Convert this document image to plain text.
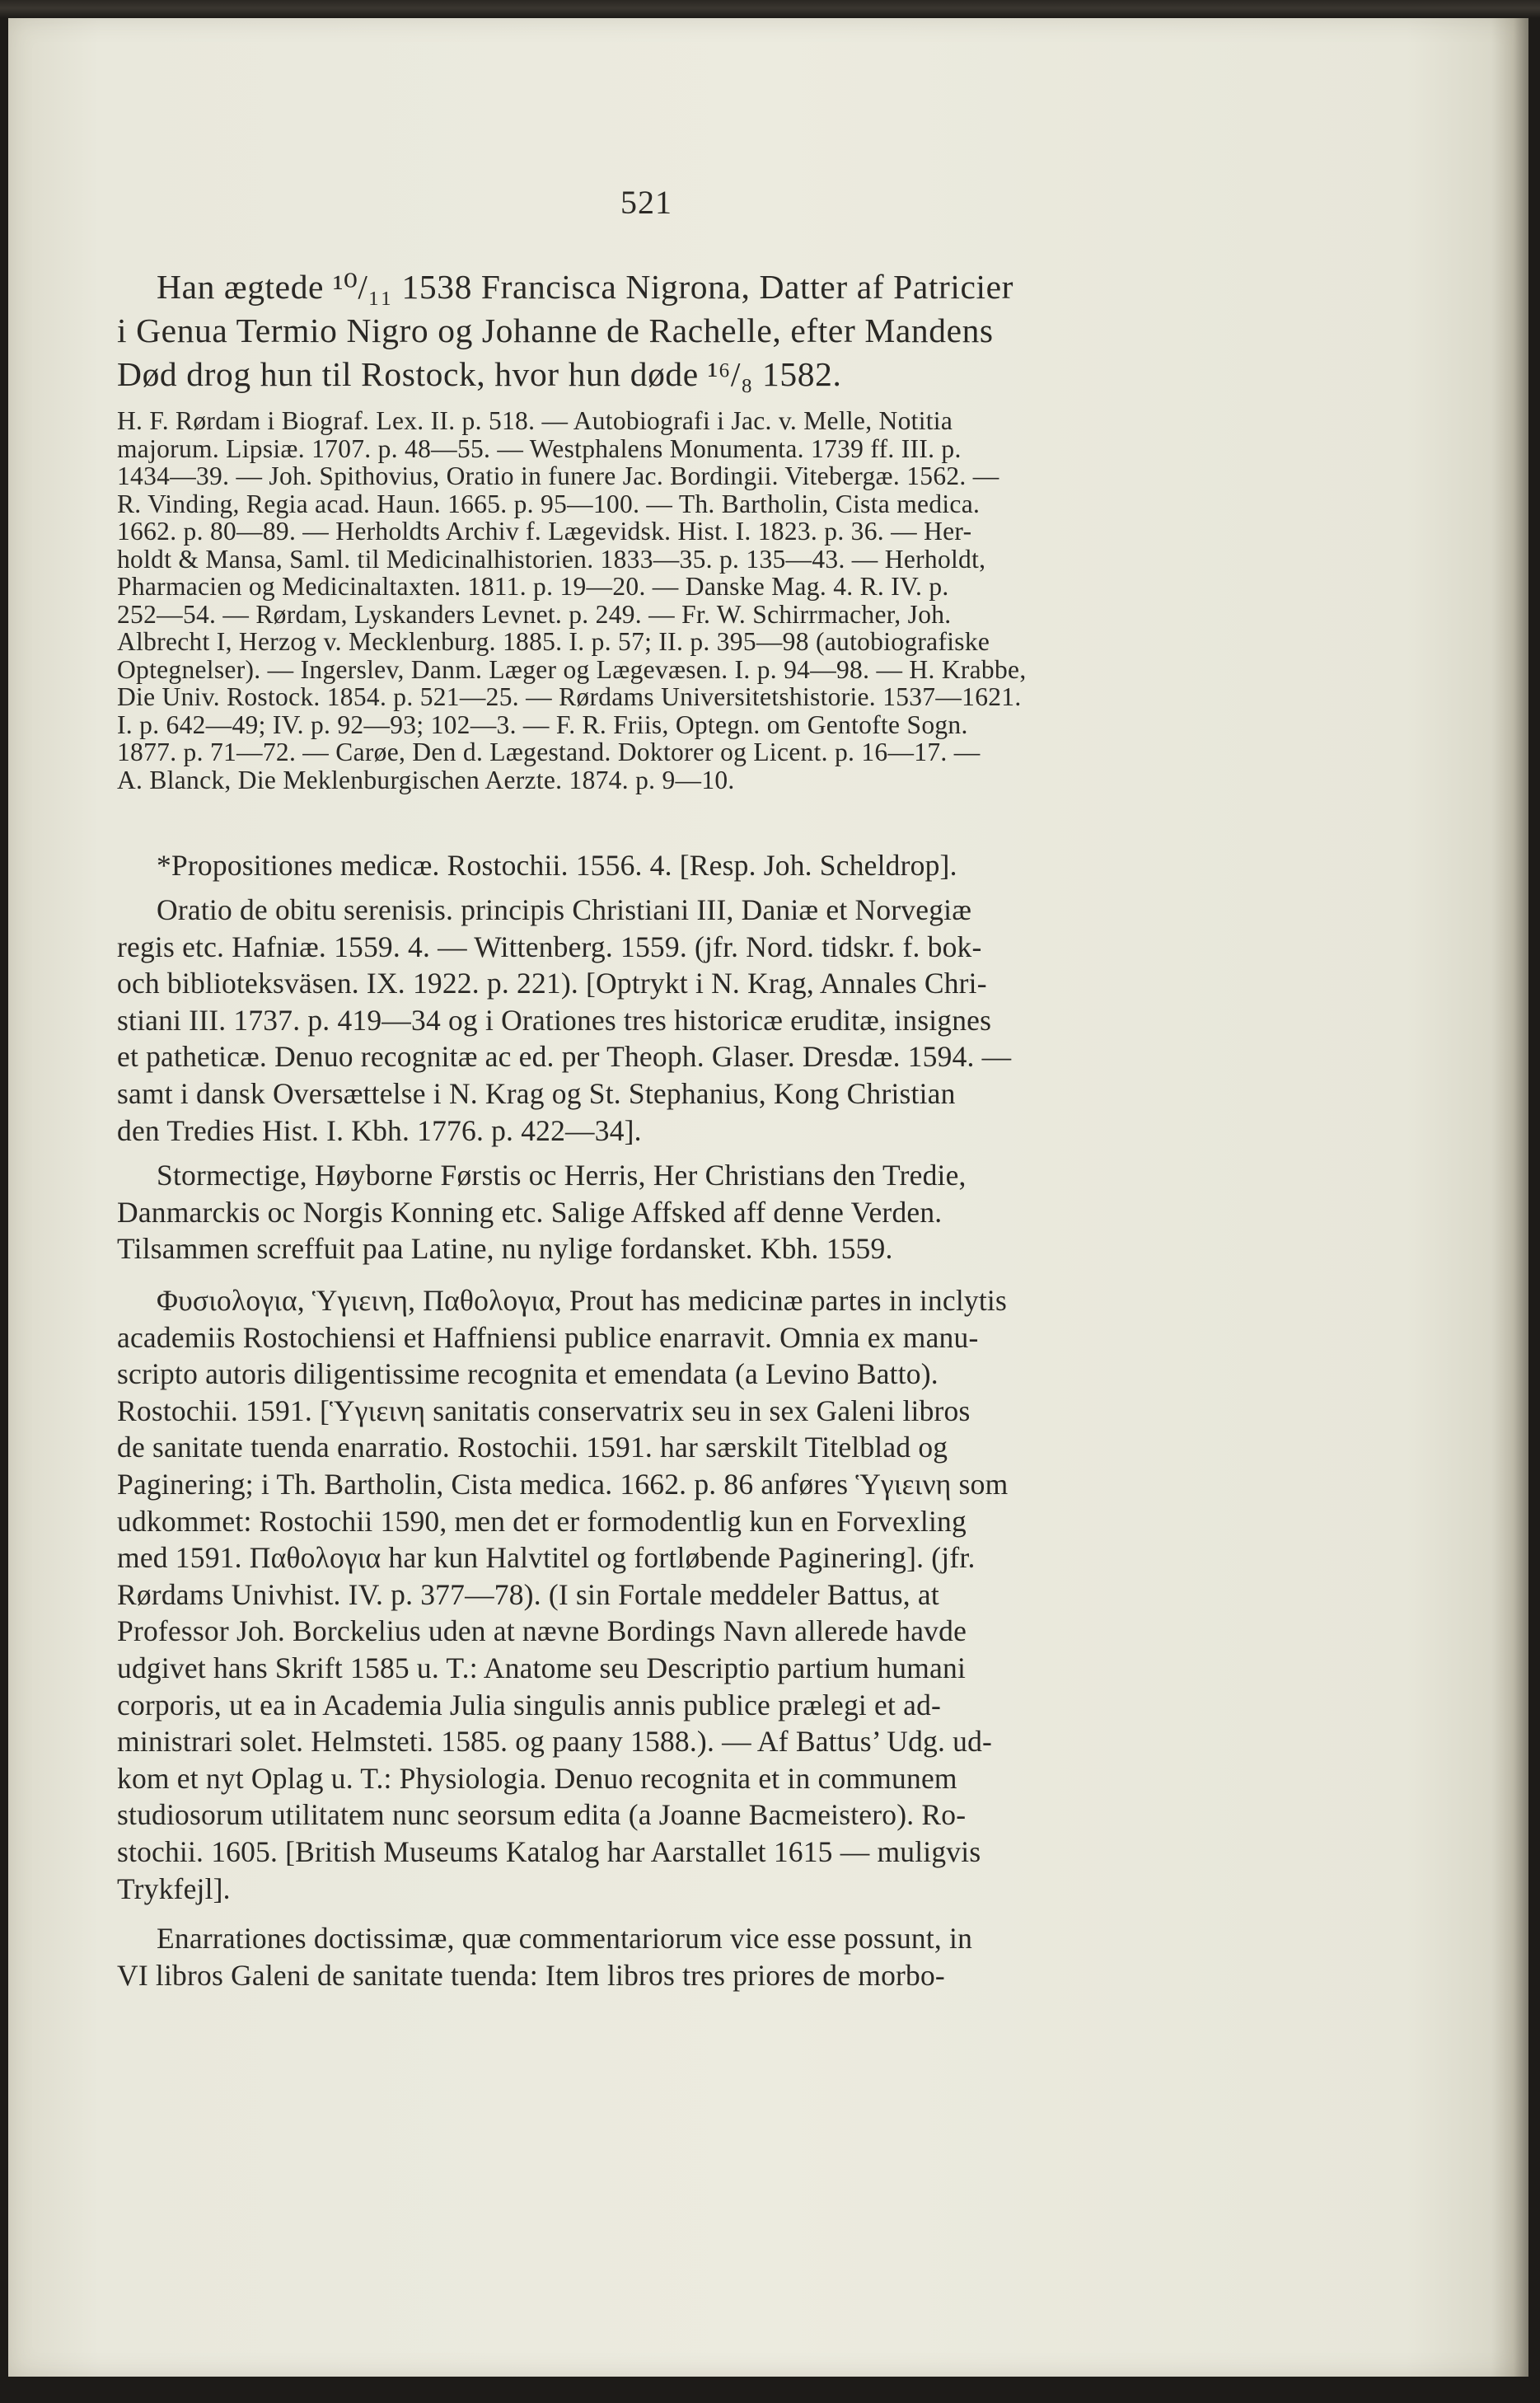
521
Han ægtede ¹⁰/₁₁ 1538 Francisca Nigrona, Datter af Patricier
i Genua Termio Nigro og Johanne de Rachelle, efter Mandens
Død drog hun til Rostock, hvor hun døde ¹⁶/₈ 1582.
H. F. Rørdam i Biograf. Lex. II. p. 518. — Autobiografi i Jac. v. Melle, Notitia
majorum. Lipsiæ. 1707. p. 48—55. — Westphalens Monumenta. 1739 ff. III. p.
1434—39. — Joh. Spithovius, Oratio in funere Jac. Bordingii. Vitebergæ. 1562. —
R. Vinding, Regia acad. Haun. 1665. p. 95—100. — Th. Bartholin, Cista medica.
1662. p. 80—89. — Herholdts Archiv f. Lægevidsk. Hist. I. 1823. p. 36. — Her-
holdt & Mansa, Saml. til Medicinalhistorien. 1833—35. p. 135—43. — Herholdt,
Pharmacien og Medicinaltaxten. 1811. p. 19—20. — Danske Mag. 4. R. IV. p.
252—54. — Rørdam, Lyskanders Levnet. p. 249. — Fr. W. Schirrmacher, Joh.
Albrecht I, Herzog v. Mecklenburg. 1885. I. p. 57; II. p. 395—98 (autobiografiske
Optegnelser). — Ingerslev, Danm. Læger og Lægevæsen. I. p. 94—98. — H. Krabbe,
Die Univ. Rostock. 1854. p. 521—25. — Rørdams Universitetshistorie. 1537—1621.
I. p. 642—49; IV. p. 92—93; 102—3. — F. R. Friis, Optegn. om Gentofte Sogn.
1877. p. 71—72. — Carøe, Den d. Lægestand. Doktorer og Licent. p. 16—17. —
A. Blanck, Die Meklenburgischen Aerzte. 1874. p. 9—10.
*Propositiones medicæ. Rostochii. 1556. 4. [Resp. Joh. Scheldrop].
Oratio de obitu serenisis. principis Christiani III, Daniæ et Norvegiæ
regis etc. Hafniæ. 1559. 4. — Wittenberg. 1559. (jfr. Nord. tidskr. f. bok-
och biblioteksväsen. IX. 1922. p. 221). [Optrykt i N. Krag, Annales Chri-
stiani III. 1737. p. 419—34 og i Orationes tres historicæ eruditæ, insignes
et patheticæ. Denuo recognitæ ac ed. per Theoph. Glaser. Dresdæ. 1594. —
samt i dansk Oversættelse i N. Krag og St. Stephanius, Kong Christian
den Tredies Hist. I. Kbh. 1776. p. 422—34].
Stormectige, Høyborne Førstis oc Herris, Her Christians den Tredie,
Danmarckis oc Norgis Konning etc. Salige Affsked aff denne Verden.
Tilsammen screffuit paa Latine, nu nylige fordansket. Kbh. 1559.
Φυσιολογια, Ὑγιεινη, Παθολογια, Prout has medicinæ partes in inclytis
academiis Rostochiensi et Haffniensi publice enarravit. Omnia ex manu-
scripto autoris diligentissime recognita et emendata (a Levino Batto).
Rostochii. 1591. [Ὑγιεινη sanitatis conservatrix seu in sex Galeni libros
de sanitate tuenda enarratio. Rostochii. 1591. har særskilt Titelblad og
Paginering; i Th. Bartholin, Cista medica. 1662. p. 86 anføres Ὑγιεινη som
udkommet: Rostochii 1590, men det er formodentlig kun en Forvexling
med 1591. Παθολογια har kun Halvtitel og fortløbende Paginering]. (jfr.
Rørdams Univhist. IV. p. 377—78). (I sin Fortale meddeler Battus, at
Professor Joh. Borckelius uden at nævne Bordings Navn allerede havde
udgivet hans Skrift 1585 u. T.: Anatome seu Descriptio partium humani
corporis, ut ea in Academia Julia singulis annis publice prælegi et ad-
ministrari solet. Helmsteti. 1585. og paany 1588.). — Af Battus’ Udg. ud-
kom et nyt Oplag u. T.: Physiologia. Denuo recognita et in communem
studiosorum utilitatem nunc seorsum edita (a Joanne Bacmeistero). Ro-
stochii. 1605. [British Museums Katalog har Aarstallet 1615 — muligvis
Trykfejl].
Enarrationes doctissimæ, quæ commentariorum vice esse possunt, in
VI libros Galeni de sanitate tuenda: Item libros tres priores de morbo-
